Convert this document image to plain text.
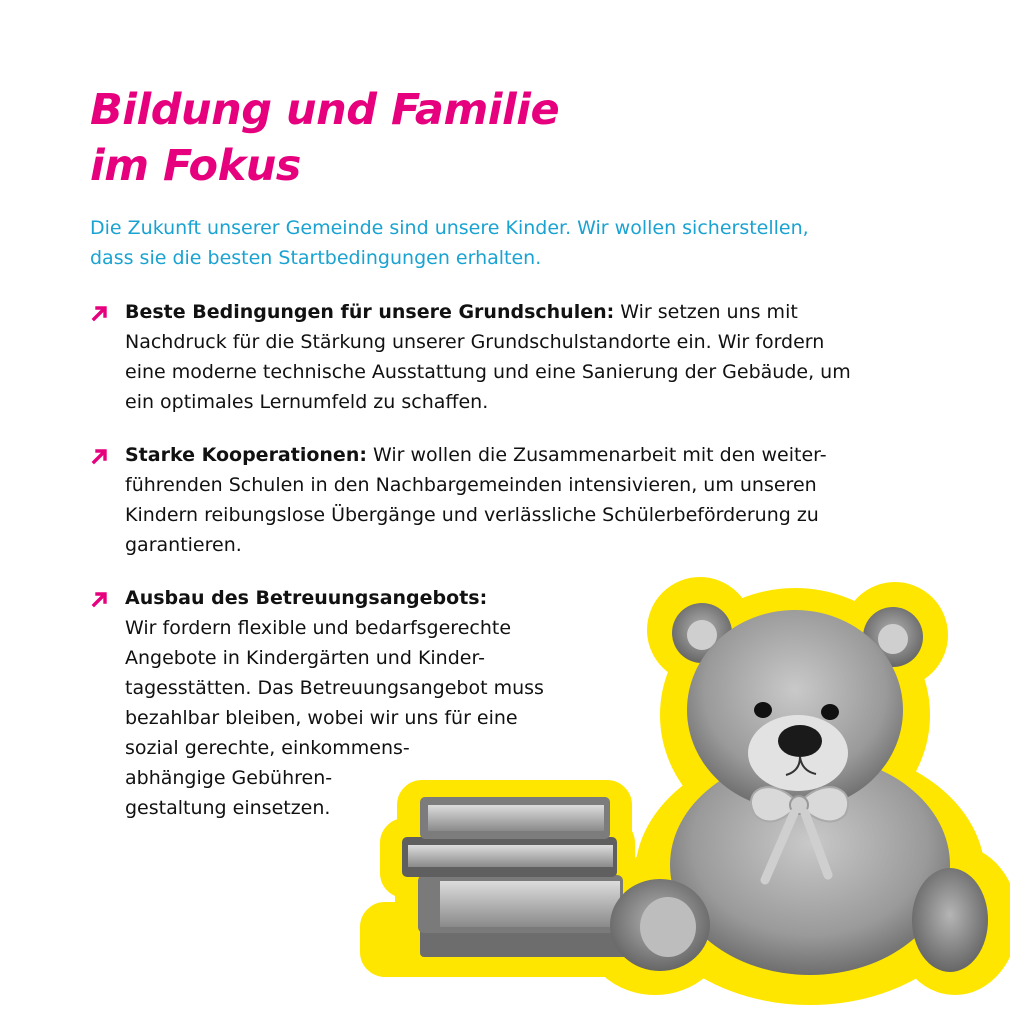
Bildung und Familie
im Fokus
Die Zukunft unserer Gemeinde sind unsere Kinder. Wir wollen sicherstellen,
dass sie die besten Startbedingungen erhalten.
Beste Bedingungen für unsere Grundschulen: Wir setzen uns mit
Nachdruck für die Stärkung unserer Grundschulstandorte ein. Wir fordern
eine moderne technische Ausstattung und eine Sanierung der Gebäude, um
ein optimales Lernumfeld zu schaffen.
Starke Kooperationen: Wir wollen die Zusammenarbeit mit den weiter-
führenden Schulen in den Nachbargemeinden intensivieren, um unseren
Kindern reibungslose Übergänge und verlässliche Schülerbeförderung zu
garantieren.
Ausbau des Betreuungsangebots:
Wir fordern flexible und bedarfsgerechte
Angebote in Kindergärten und Kinder-
tagesstätten. Das Betreuungsangebot muss
bezahlbar bleiben, wobei wir uns für eine
sozial gerechte, einkommens-
abhängige Gebühren-
gestaltung einsetzen.
